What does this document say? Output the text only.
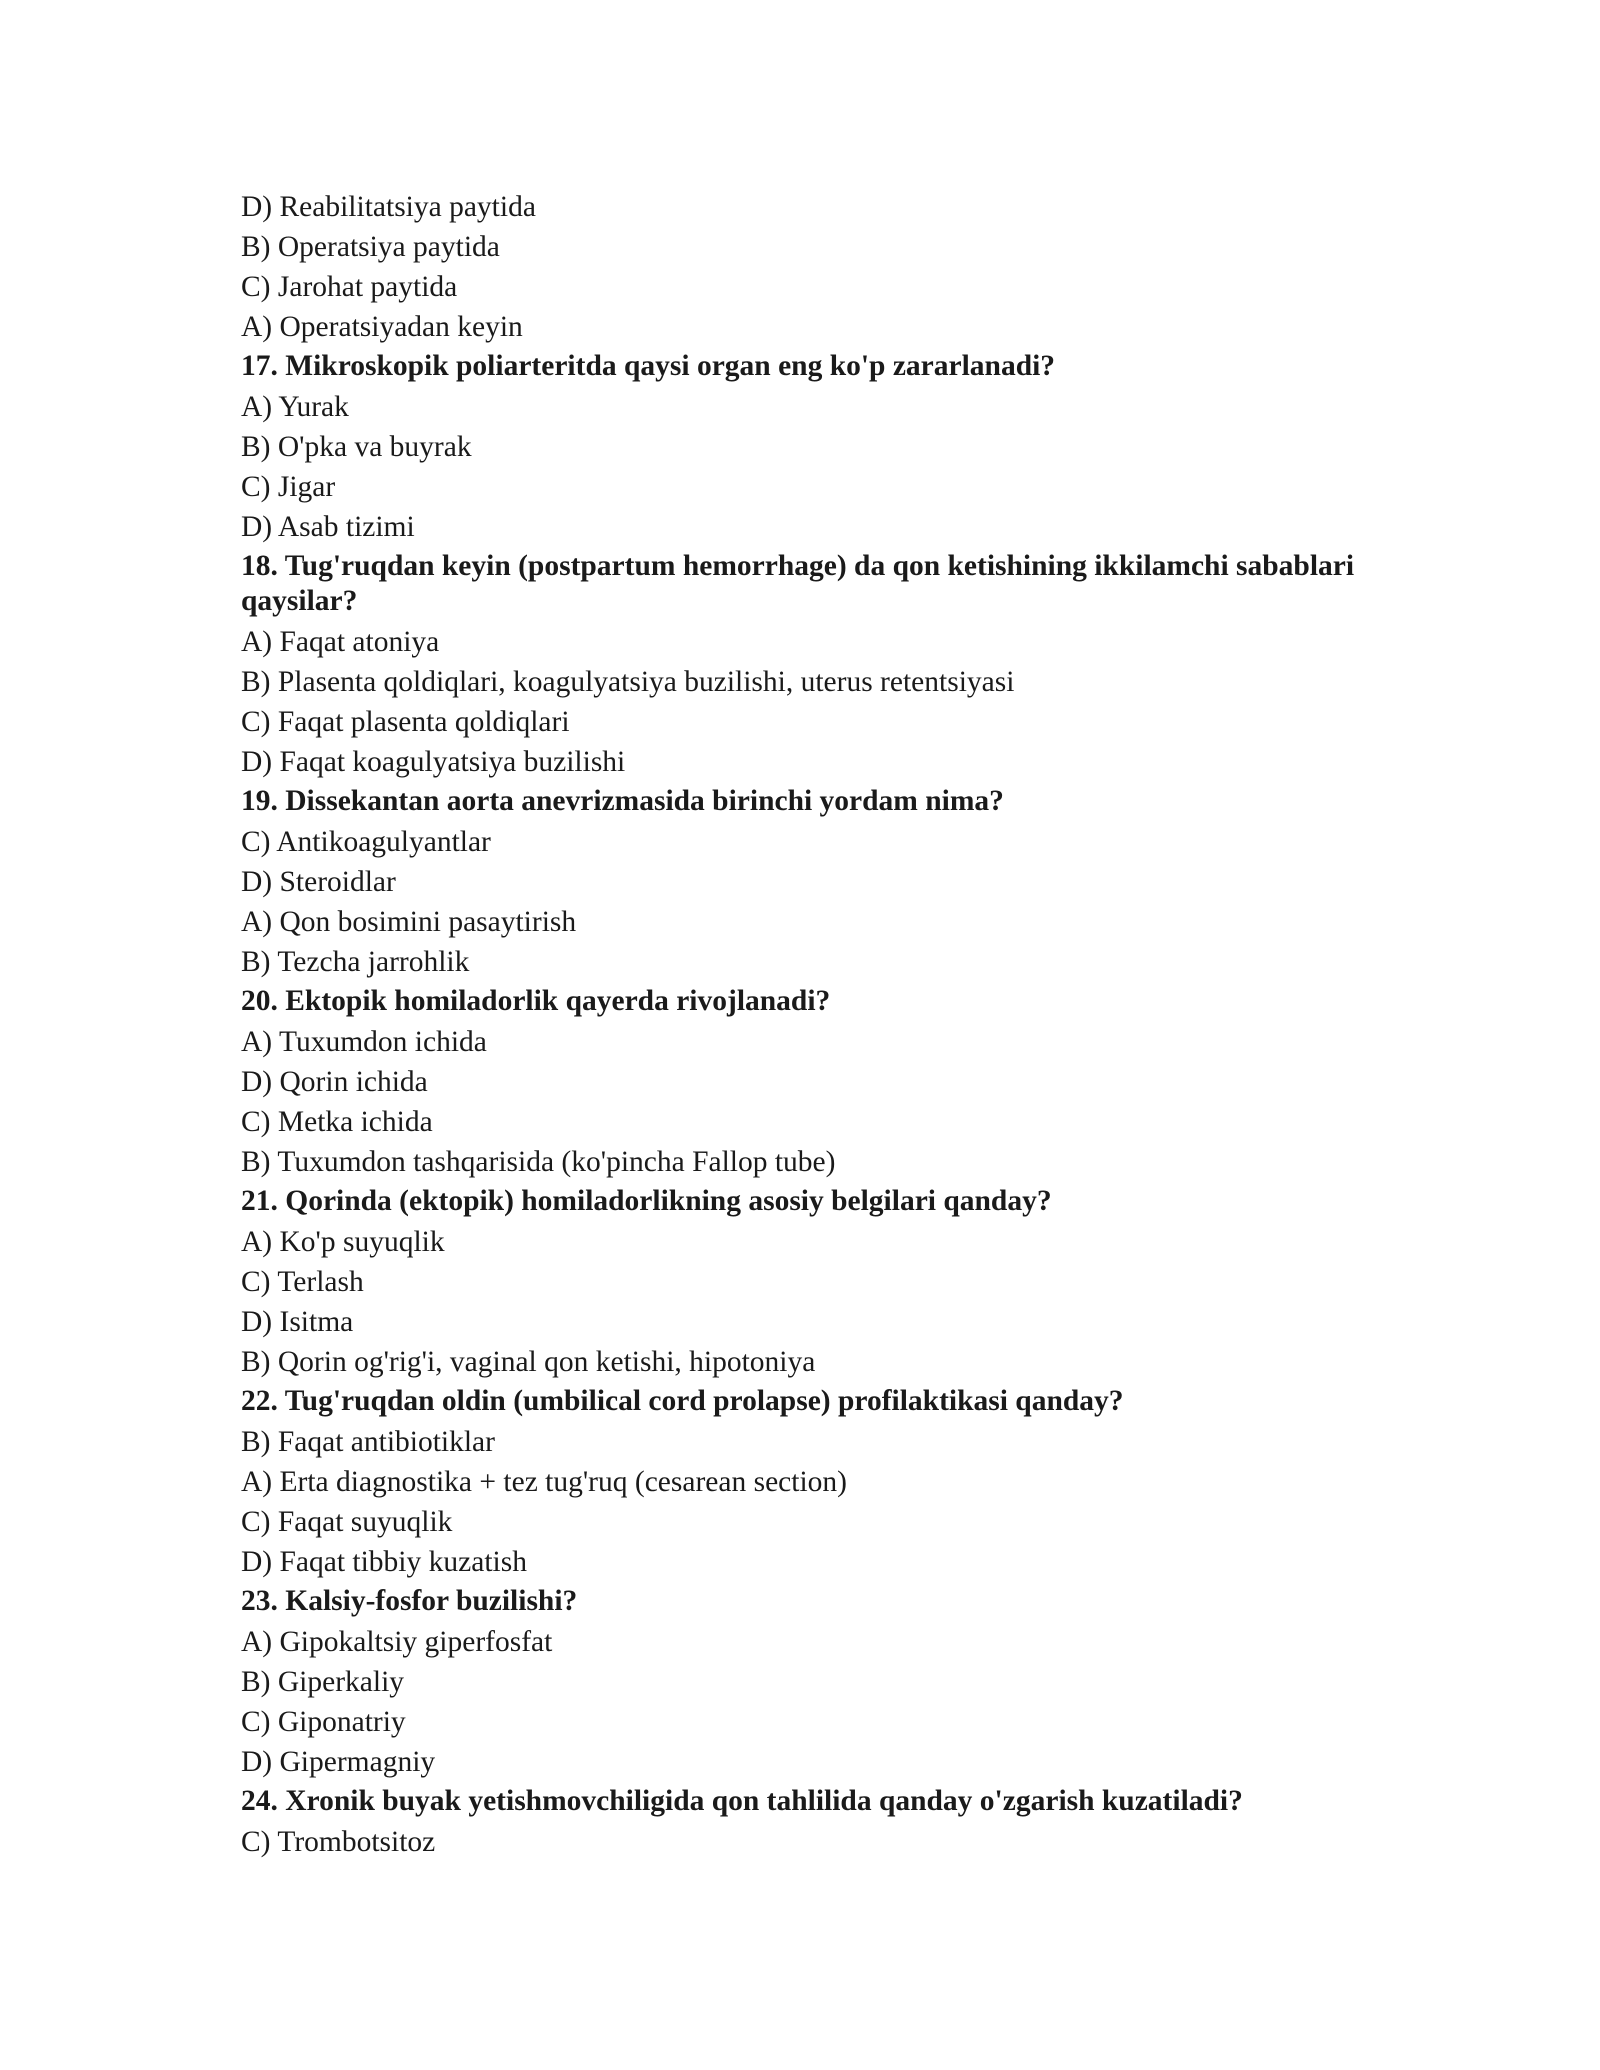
D) Reabilitatsiya paytida
B) Operatsiya paytida
C) Jarohat paytida
A) Operatsiyadan keyin
17. Mikroskopik poliarteritda qaysi organ eng ko'p zararlanadi?
A) Yurak
B) O'pka va buyrak
C) Jigar
D) Asab tizimi
18. Tug'ruqdan keyin (postpartum hemorrhage) da qon ketishining ikkilamchi sabablari qaysilar?
A) Faqat atoniya
B) Plasenta qoldiqlari, koagulyatsiya buzilishi, uterus retentsiyasi
C) Faqat plasenta qoldiqlari
D) Faqat koagulyatsiya buzilishi
19. Dissekantan aorta anevrizmasida birinchi yordam nima?
C) Antikoagulyantlar
D) Steroidlar
A) Qon bosimini pasaytirish
B) Tezcha jarrohlik
20. Ektopik homiladorlik qayerda rivojlanadi?
A) Tuxumdon ichida
D) Qorin ichida
C) Metka ichida
B) Tuxumdon tashqarisida (ko'pincha Fallop tube)
21. Qorinda (ektopik) homiladorlikning asosiy belgilari qanday?
A) Ko'p suyuqlik
C) Terlash
D) Isitma
B) Qorin og'rig'i, vaginal qon ketishi, hipotoniya
22. Tug'ruqdan oldin (umbilical cord prolapse) profilaktikasi qanday?
B) Faqat antibiotiklar
A) Erta diagnostika + tez tug'ruq (cesarean section)
C) Faqat suyuqlik
D) Faqat tibbiy kuzatish
23. Kalsiy-fosfor buzilishi?
A) Gipokaltsiy giperfosfat
B) Giperkaliy
C) Giponatriy
D) Gipermagniy
24. Xronik buyak yetishmovchiligida qon tahlilida qanday o'zgarish kuzatiladi?
C) Trombotsitoz
